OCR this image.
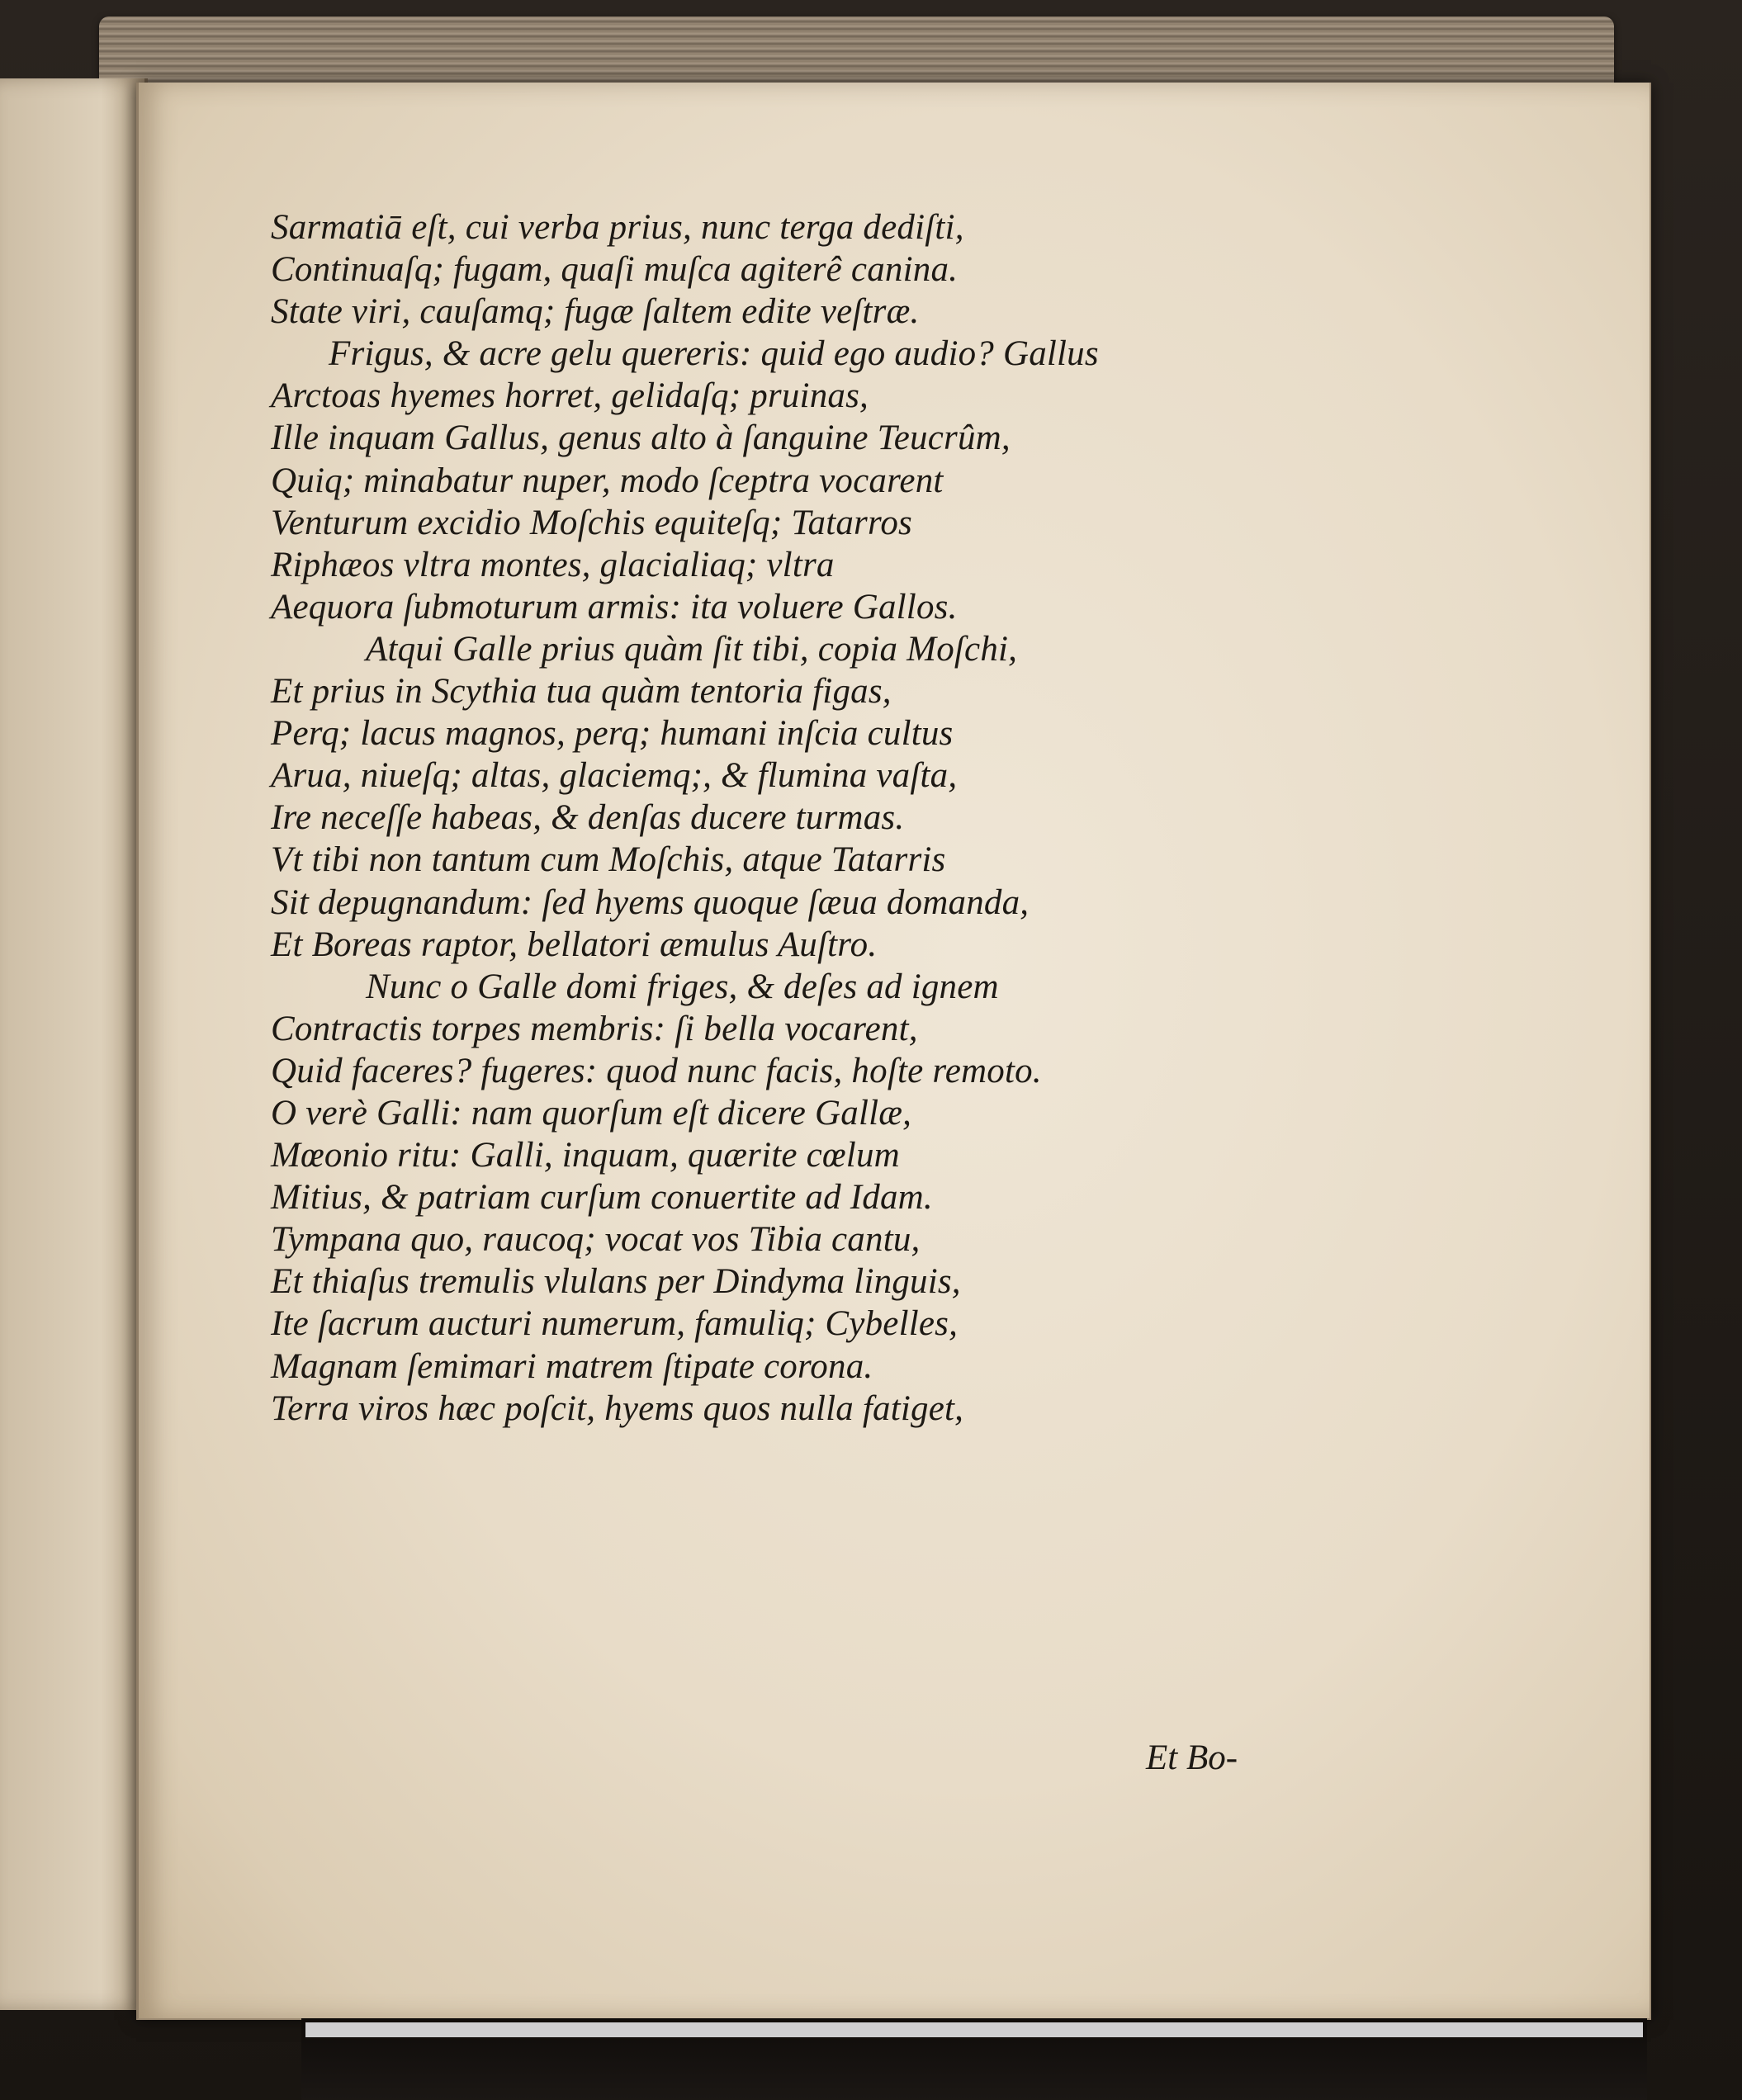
Sarmatiā eſt, cui verba prius, nunc terga dediſti,
Continuaſq; fugam, quaſi muſca agiterê canina.
State viri, cauſamq; fugæ ſaltem edite veſtræ.
Frigus, & acre gelu quereris: quid ego audio? Gallus
Arctoas hyemes horret, gelidaſq; pruinas,
Ille inquam Gallus, genus alto à ſanguine Teucrûm,
Quiq; minabatur nuper, modo ſceptra vocarent
Venturum excidio Moſchis equiteſq; Tatarros
Riphæos vltra montes, glacialiaq; vltra
Aequora ſubmoturum armis: ita voluere Gallos.
Atqui Galle prius quàm ſit tibi, copia Moſchi,
Et prius in Scythia tua quàm tentoria figas,
Perq; lacus magnos, perq; humani inſcia cultus
Arua, niueſq; altas, glaciemq;, & flumina vaſta,
Ire neceſſe habeas, & denſas ducere turmas.
Vt tibi non tantum cum Moſchis, atque Tatarris
Sit depugnandum: ſed hyems quoque ſæua domanda,
Et Boreas raptor, bellatori æmulus Auſtro.
Nunc o Galle domi friges, & deſes ad ignem
Contractis torpes membris: ſi bella vocarent,
Quid faceres? fugeres: quod nunc facis, hoſte remoto.
O verè Galli: nam quorſum eſt dicere Gallæ,
Mœonio ritu: Galli, inquam, quærite cœlum
Mitius, & patriam curſum conuertite ad Idam.
Tympana quo, raucoq; vocat vos Tibia cantu,
Et thiaſus tremulis vlulans per Dindyma linguis,
Ite ſacrum aucturi numerum, famuliq; Cybelles,
Magnam ſemimari matrem ſtipate corona.
Terra viros hæc poſcit, hyems quos nulla fatiget,
Et Bo-
